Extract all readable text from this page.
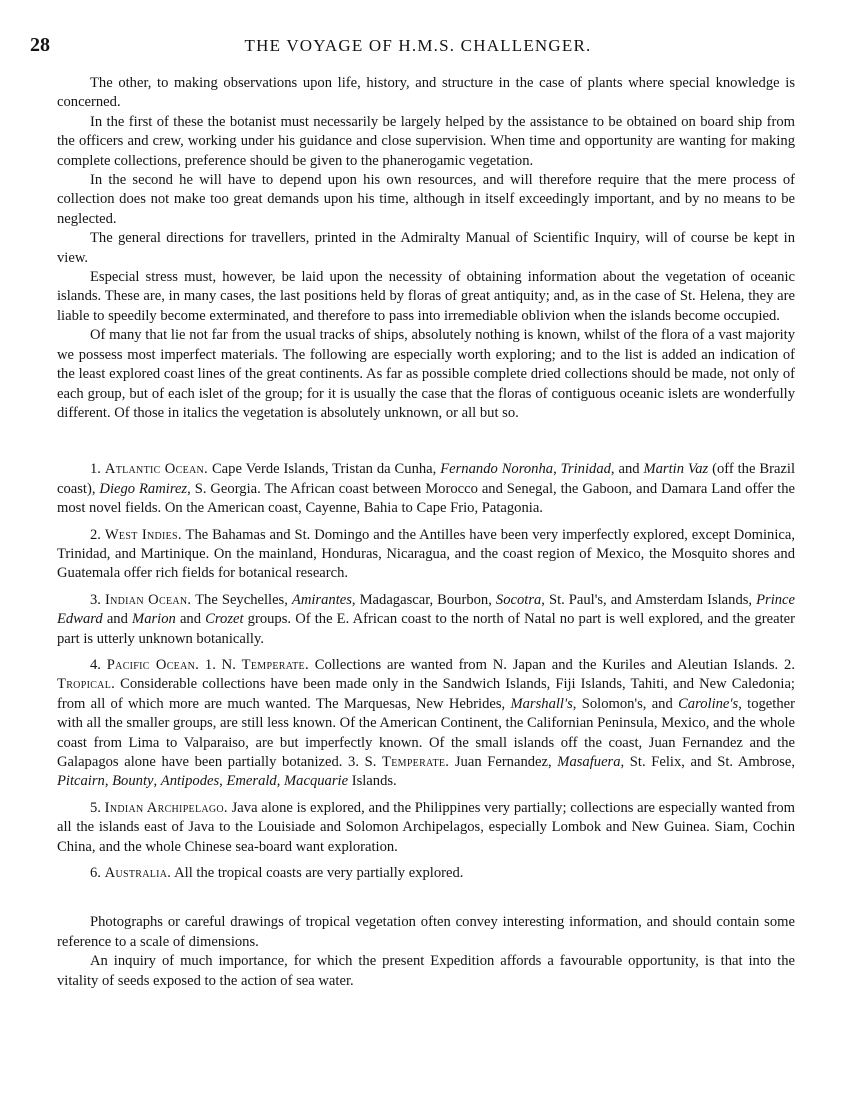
28	THE VOYAGE OF H.M.S. CHALLENGER.

The other, to making observations upon life, history, and structure in the case of plants where special knowledge is concerned.

In the first of these the botanist must necessarily be largely helped by the assistance to be obtained on board ship from the officers and crew, working under his guidance and close supervision. When time and opportunity are wanting for making complete collections, preference should be given to the phanerogamic vegetation.

In the second he will have to depend upon his own resources, and will therefore require that the mere process of collection does not make too great demands upon his time, although in itself exceedingly important, and by no means to be neglected.

The general directions for travellers, printed in the Admiralty Manual of Scientific Inquiry, will of course be kept in view.

Especial stress must, however, be laid upon the necessity of obtaining information about the vegetation of oceanic islands. These are, in many cases, the last positions held by floras of great antiquity; and, as in the case of St. Helena, they are liable to speedily become exterminated, and therefore to pass into irremediable oblivion when the islands become occupied.

Of many that lie not far from the usual tracks of ships, absolutely nothing is known, whilst of the flora of a vast majority we possess most imperfect materials. The following are especially worth exploring; and to the list is added an indication of the least explored coast lines of the great continents. As far as possible complete dried collections should be made, not only of each group, but of each islet of the group; for it is usually the case that the floras of contiguous oceanic islets are wonderfully different. Of those in italics the vegetation is absolutely unknown, or all but so.

1. Atlantic Ocean. Cape Verde Islands, Tristan da Cunha, Fernando Noronha, Trinidad, and Martin Vaz (off the Brazil coast), Diego Ramirez, S. Georgia. The African coast between Morocco and Senegal, the Gaboon, and Damara Land offer the most novel fields. On the American coast, Cayenne, Bahia to Cape Frio, Patagonia.

2. West Indies. The Bahamas and St. Domingo and the Antilles have been very imperfectly explored, except Dominica, Trinidad, and Martinique. On the mainland, Honduras, Nicaragua, and the coast region of Mexico, the Mosquito shores and Guatemala offer rich fields for botanical research.

3. Indian Ocean. The Seychelles, Amirantes, Madagascar, Bourbon, Socotra, St. Paul's, and Amsterdam Islands, Prince Edward and Marion and Crozet groups. Of the E. African coast to the north of Natal no part is well explored, and the greater part is utterly unknown botanically.

4. Pacific Ocean. 1. N. Temperate. Collections are wanted from N. Japan and the Kuriles and Aleutian Islands. 2. Tropical. Considerable collections have been made only in the Sandwich Islands, Fiji Islands, Tahiti, and New Caledonia; from all of which more are much wanted. The Marquesas, New Hebrides, Marshall's, Solomon's, and Caroline's, together with all the smaller groups, are still less known. Of the American Continent, the Californian Peninsula, Mexico, and the whole coast from Lima to Valparaiso, are but imperfectly known. Of the small islands off the coast, Juan Fernandez and the Galapagos alone have been partially botanized. 3. S. Temperate. Juan Fernandez, Masafuera, St. Felix, and St. Ambrose, Pitcairn, Bounty, Antipodes, Emerald, Macquarie Islands.

5. Indian Archipelago. Java alone is explored, and the Philippines very partially; collections are especially wanted from all the islands east of Java to the Louisiade and Solomon Archipelagos, especially Lombok and New Guinea. Siam, Cochin China, and the whole Chinese sea-board want exploration.

6. Australia. All the tropical coasts are very partially explored.

Photographs or careful drawings of tropical vegetation often convey interesting information, and should contain some reference to a scale of dimensions.

An inquiry of much importance, for which the present Expedition affords a favourable opportunity, is that into the vitality of seeds exposed to the action of sea water.
